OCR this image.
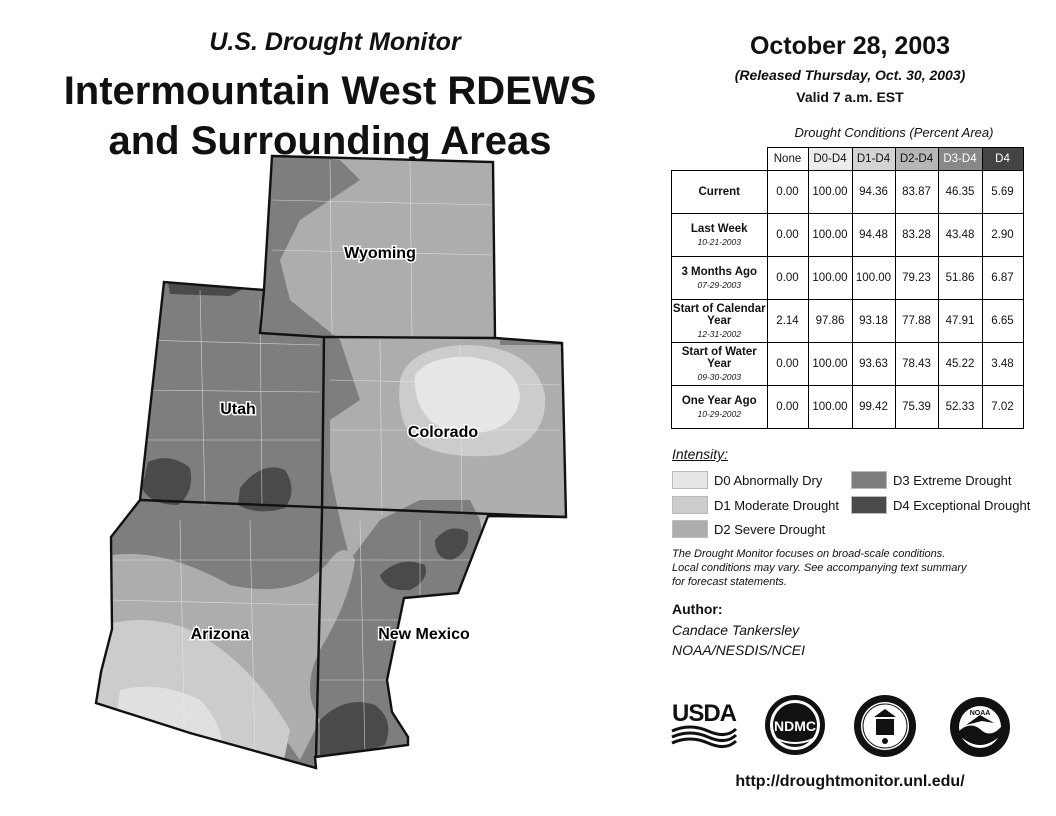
U.S. Drought Monitor
Intermountain West RDEWS
and Surrounding Areas
Wyoming
Utah
Colorado
Arizona	New Mexico
October 28, 2003
(Released Thursday, Oct. 30, 2003)
Valid 7 a.m. EST
Drought Conditions (Percent Area)
	None	D0-D4	D1-D4	D2-D4	D3-D4	D4
Current	0.00	100.00	94.36	83.87	46.35	5.69
Last Week
10-21-2003	0.00	100.00	94.48	83.28	43.48	2.90
3 Months Ago
07-29-2003	0.00	100.00	100.00	79.23	51.86	6.87
Start of Calendar Year
12-31-2002	2.14	97.86	93.18	77.88	47.91	6.65
Start of Water Year
09-30-2003	0.00	100.00	93.63	78.43	45.22	3.48
One Year Ago
10-29-2002	0.00	100.00	99.42	75.39	52.33	7.02
Intensity:
D0 Abnormally Dry
D1 Moderate Drought
D2 Severe Drought
D3 Extreme Drought
D4 Exceptional Drought
The Drought Monitor focuses on broad-scale conditions.
Local conditions may vary. See accompanying text summary
for forecast statements.
Author:
Candace Tankersley
NOAA/NESDIS/NCEI
USDA	NDMC
NOAA
http://droughtmonitor.unl.edu/
